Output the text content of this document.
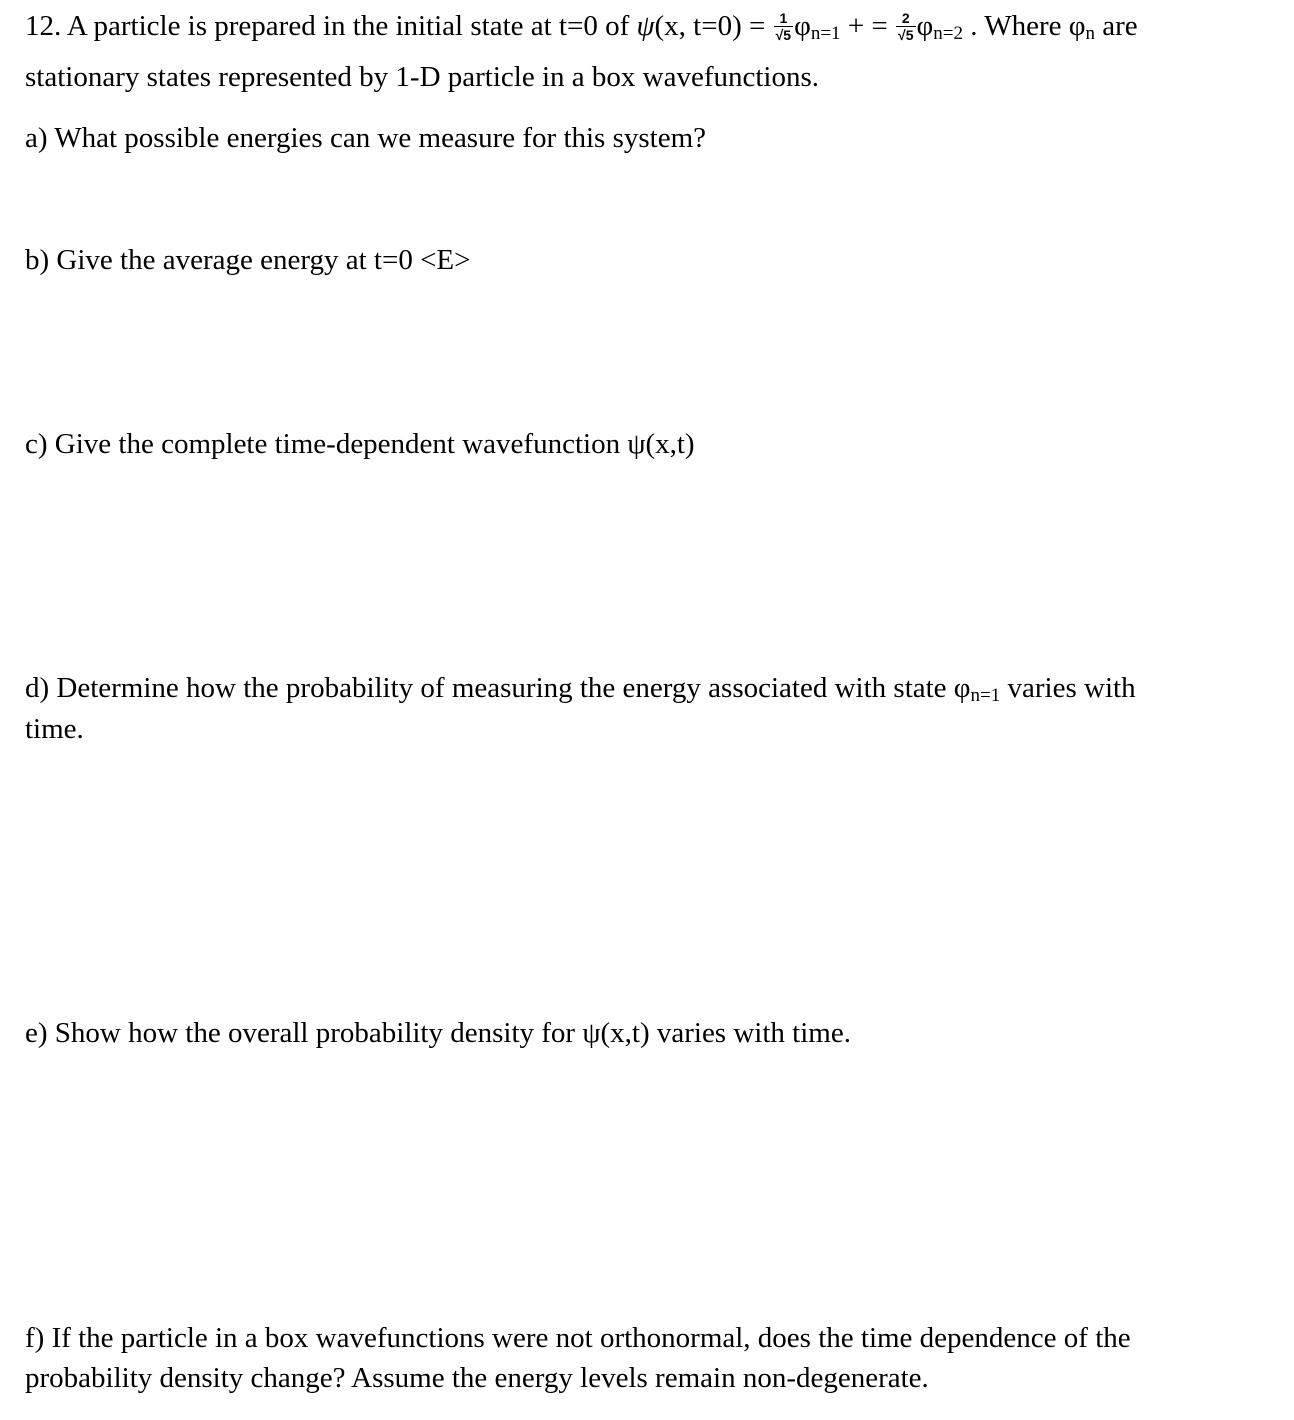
12. A particle is prepared in the initial state at t=0 of ψ(x, $t=0) = \frac{1}{√5} \varphi_{n=1}$ + = $\frac{2}{√5} \varphi_{n=2}$ . Where $\varphi_n$ are
stationary states represented by 1-D particle in a box wavefunctions.
a) What possible energies can we measure for this system?
b) Give the average energy at t=0 <E>
c) Give the complete time-dependent wavefunction ψ(x,t)
d) Determine how the probability of measuring the energy associated with state $\varphi_{n=1}$ varies with
time.
e) Show how the overall probability density for ψ(x,t) varies with time.
f) If the particle in a box wavefunctions were not orthonormal, does the time dependence of the
probability density change? Assume the energy levels remain non-degenerate.
